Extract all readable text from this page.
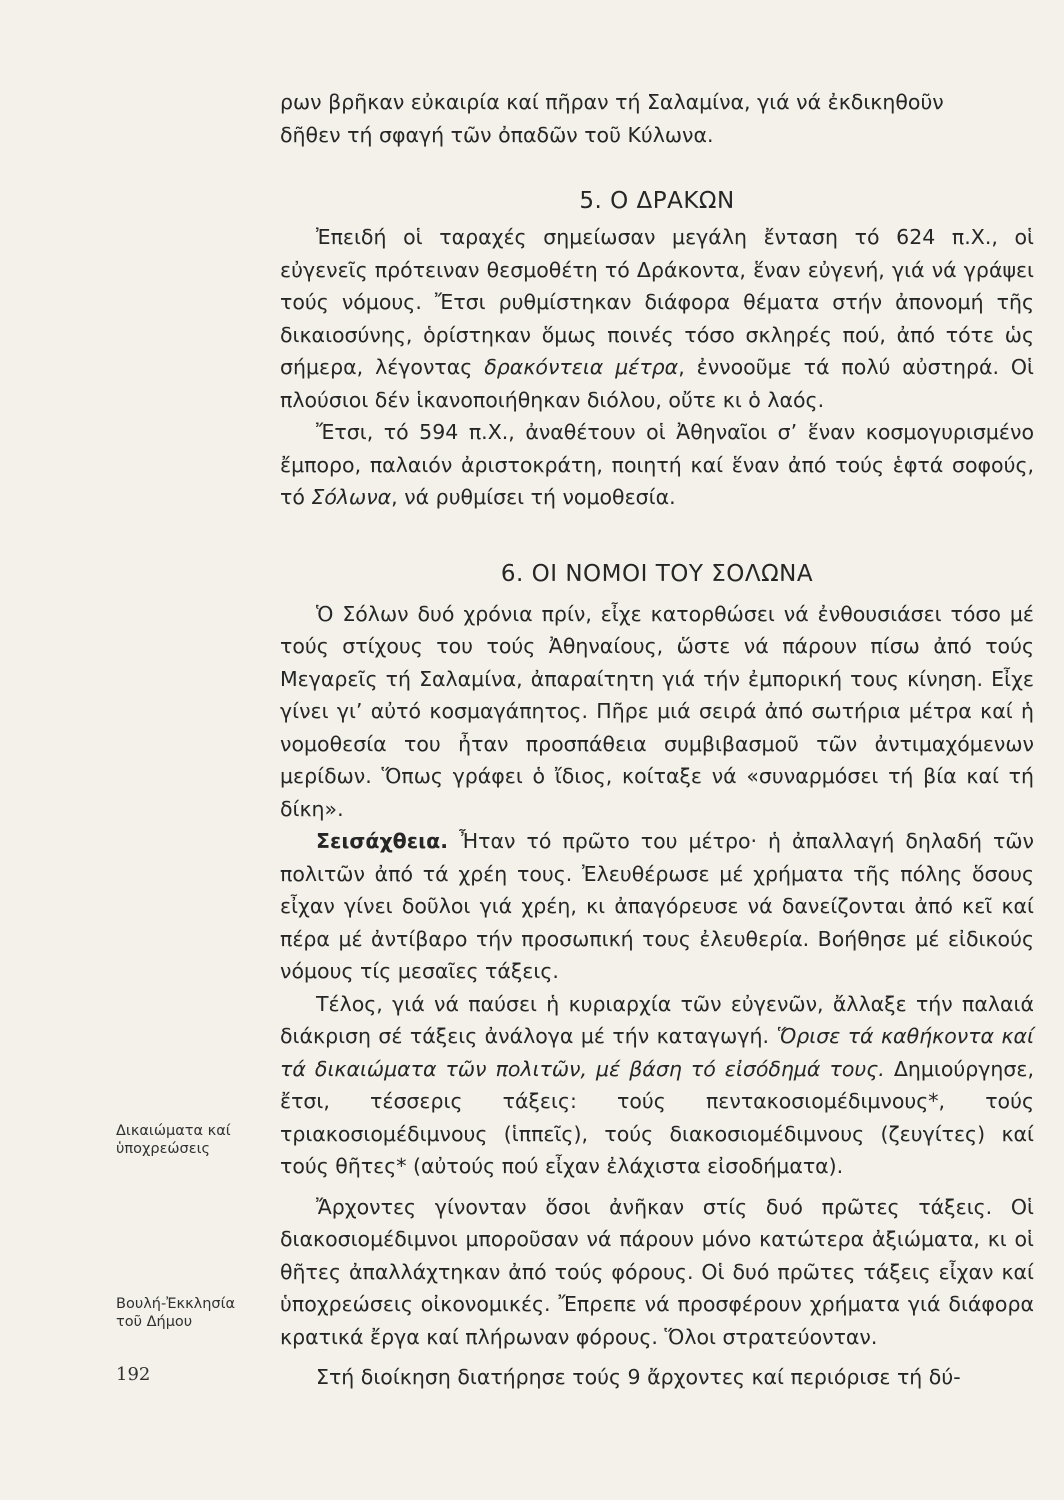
ρων βρῆκαν εὐκαιρία καί πῆραν τή Σαλαμίνα, γιά νά ἐκδικηθοῦν

δῆθεν τή σφαγή τῶν ὀπαδῶν τοῦ Κύλωνα.

5. Ο ΔΡΑΚΩΝ

Ἐπειδή οἱ ταραχές σημείωσαν μεγάλη ἔνταση τό 624 π.Χ., οἱ εὐγενεῖς πρότειναν θεσμοθέτη τό Δράκοντα, ἕναν εὐγενή, γιά νά γράψει τούς νόμους. Ἔτσι ρυθμίστηκαν διάφορα θέματα στήν ἀπονομή τῆς δικαιοσύνης, ὁρίστηκαν ὅμως ποινές τόσο σκληρές πού, ἀπό τότε ὡς σήμερα, λέγοντας δρακόντεια μέτρα, ἐννοοῦμε τά πολύ αὐστηρά. Οἱ πλούσιοι δέν ἱκανοποιήθηκαν διόλου, οὔτε κι ὁ λαός.

Ἔτσι, τό 594 π.Χ., ἀναθέτουν οἱ Ἀθηναῖοι σ’ ἕναν κοσμογυρισμένο ἔμπορο, παλαιόν ἀριστοκράτη, ποιητή καί ἕναν ἀπό τούς ἑφτά σοφούς, τό Σόλωνα, νά ρυθμίσει τή νομοθεσία.

6. ΟΙ ΝΟΜΟΙ ΤΟΥ ΣΟΛΩΝΑ

Ὁ Σόλων δυό χρόνια πρίν, εἶχε κατορθώσει νά ἐνθουσιάσει τόσο μέ τούς στίχους του τούς Ἀθηναίους, ὥστε νά πάρουν πίσω ἀπό τούς Μεγαρεῖς τή Σαλαμίνα, ἀπαραίτητη γιά τήν ἐμπορική τους κίνηση. Εἶχε γίνει γι’ αὐτό κοσμαγάπητος. Πῆρε μιά σειρά ἀπό σωτήρια μέτρα καί ἡ νομοθεσία του ἦταν προσπάθεια συμβιβασμοῦ τῶν ἀντιμαχόμενων μερίδων. Ὅπως γράφει ὁ ἴδιος, κοίταξε νά «συναρμόσει τή βία καί τή δίκη».

Σεισάχθεια. Ἦταν τό πρῶτο του μέτρο· ἡ ἀπαλλαγή δηλαδή τῶν πολιτῶν ἀπό τά χρέη τους. Ἐλευθέρωσε μέ χρήματα τῆς πόλης ὅσους εἶχαν γίνει δοῦλοι γιά χρέη, κι ἀπαγόρευσε νά δανείζονται ἀπό κεῖ καί πέρα μέ ἀντίβαρο τήν προσωπική τους ἐλευθερία. Βοήθησε μέ εἰδικούς νόμους τίς μεσαῖες τάξεις.

Τέλος, γιά νά παύσει ἡ κυριαρχία τῶν εὐγενῶν, ἄλλαξε τήν παλαιά διάκριση σέ τάξεις ἀνάλογα μέ τήν καταγωγή. Ὅρισε τά καθήκοντα καί τά δικαιώματα τῶν πολιτῶν, μέ βάση τό εἰσόδημά τους. Δημιούργησε, ἔτσι, τέσσερις τάξεις: τούς πεντακοσιομέδιμνους*, τούς τριακοσιομέδιμνους (ἱππεῖς), τούς διακοσιομέδιμνους (ζευγίτες) καί τούς θῆτες* (αὐτούς πού εἶχαν ἐλάχιστα εἰσοδήματα).

Ἄρχοντες γίνονταν ὅσοι ἀνῆκαν στίς δυό πρῶτες τάξεις. Οἱ διακοσιομέδιμνοι μποροῦσαν νά πάρουν μόνο κατώτερα ἀξιώματα, κι οἱ θῆτες ἀπαλλάχτηκαν ἀπό τούς φόρους. Οἱ δυό πρῶτες τάξεις εἶχαν καί ὑποχρεώσεις οἰκονομικές. Ἔπρεπε νά προσφέρουν χρήματα γιά διάφορα κρατικά ἔργα καί πλήρωναν φόρους. Ὅλοι στρατεύονταν.

Στή διοίκηση διατήρησε τούς 9 ἄρχοντες καί περιόρισε τή δύ-

Δικαιώματα καί
ὑποχρεώσεις
Βουλή-Ἐκκλησία
τοῦ Δήμου
192
